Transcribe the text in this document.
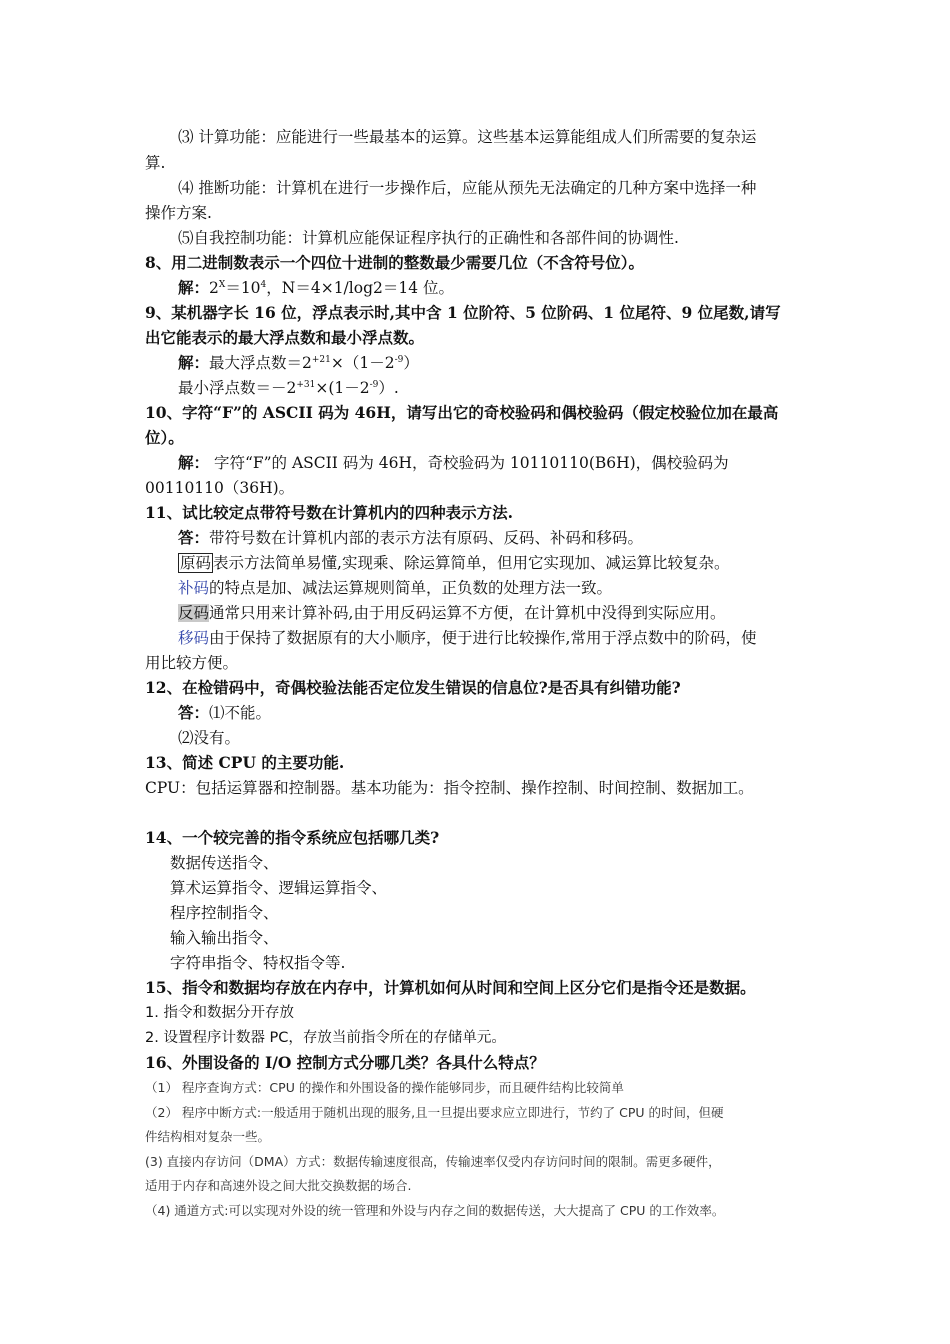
⑶ 计算功能：应能进行一些最基本的运算。这些基本运算能组成人们所需要的复杂运
算.
⑷ 推断功能：计算机在进行一步操作后，应能从预先无法确定的几种方案中选择一种
操作方案.
⑸自我控制功能：计算机应能保证程序执行的正确性和各部件间的协调性.
8、用二进制数表示一个四位十进制的整数最少需要几位（不含符号位）。
解：$2^X=10^4$，N＝4×1/log2＝14 位。
9、某机器字长 16 位，浮点表示时,其中含 1 位阶符、5 位阶码、1 位尾符、9 位尾数,请写
出它能表示的最大浮点数和最小浮点数。
解：最大浮点数$=2^{+21}\times(1-2^{-9})$
最小浮点数$=-2^{+31}\times(1-2^{-9})$.
10、字符“F”的 ASCII 码为 46H，请写出它的奇校验码和偶校验码（假定校验位加在最高
位）。
解： 字符“F”的 ASCII 码为 46H，奇校验码为 10110110(B6H)，偶校验码为
00110110（36H)。
11、试比较定点带符号数在计算机内的四种表示方法.
答：带符号数在计算机内部的表示方法有原码、反码、补码和移码。
原码 表示方法简单易懂,实现乘、除运算简单，但用它实现加、减运算比较复杂。
补码的特点是加、减法运算规则简单，正负数的处理方法一致。
反码通常只用来计算补码,由于用反码运算不方便，在计算机中没得到实际应用。
移码由于保持了数据原有的大小顺序，便于进行比较操作,常用于浮点数中的阶码，使
用比较方便。
12、在检错码中，奇偶校验法能否定位发生错误的信息位?是否具有纠错功能?
答：⑴不能。
⑵没有。
13、简述 CPU 的主要功能.
CPU：包括运算器和控制器。基本功能为：指令控制、操作控制、时间控制、数据加工。
14、一个较完善的指令系统应包括哪几类?
数据传送指令、
算术运算指令、逻辑运算指令、
程序控制指令、
输入输出指令、
字符串指令、特权指令等.
15、指令和数据均存放在内存中，计算机如何从时间和空间上区分它们是指令还是数据。
1. 指令和数据分开存放
2. 设置程序计数器 PC，存放当前指令所在的存储单元。
16、外围设备的 I/O 控制方式分哪几类？各具什么特点？
（1） 程序查询方式：CPU 的操作和外围设备的操作能够同步，而且硬件结构比较简单
（2） 程序中断方式:一般适用于随机出现的服务,且一旦提出要求应立即进行，节约了 CPU 的时间，但硬
件结构相对复杂一些。
(3) 直接内存访问（DMA）方式：数据传输速度很高，传输速率仅受内存访问时间的限制。需更多硬件，
适用于内存和高速外设之间大批交换数据的场合.
（4) 通道方式:可以实现对外设的统一管理和外设与内存之间的数据传送，大大提高了 CPU 的工作效率。
